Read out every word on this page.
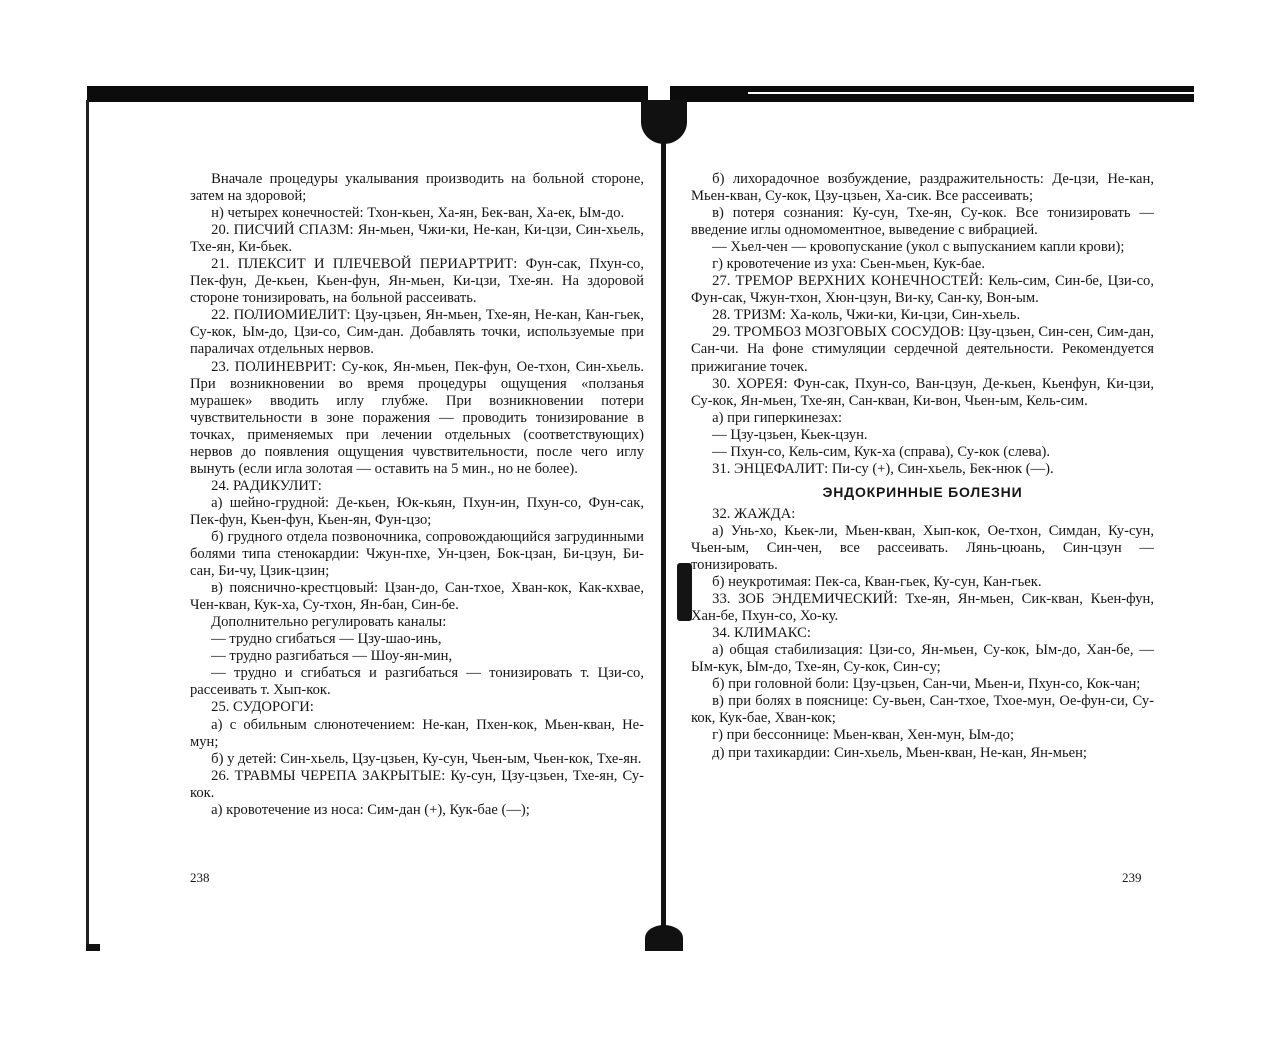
Вначале процедуры укалывания производить на больной стороне, затем на здоровой;

н) четырех конечностей: Тхон-кьен, Ха-ян, Бек-ван, Ха-ек, Ым-до.

20. ПИСЧИЙ СПАЗМ: Ян-мьен, Чжи-ки, Не-кан, Ки-цзи, Син-хьель, Тхе-ян, Ки-бьек.

21. ПЛЕКСИТ И ПЛЕЧЕВОЙ ПЕРИАРТРИТ: Фун-сак, Пхун-со, Пек-фун, Де-кьен, Кьен-фун, Ян-мьен, Ки-цзи, Тхе-ян. На здоровой стороне тонизировать, на больной рассеивать.

22. ПОЛИОМИЕЛИТ: Цзу-цзьен, Ян-мьен, Тхе-ян, Не-кан, Кан-гьек, Су-кок, Ым-до, Цзи-со, Сим-дан. Добавлять точки, используемые при параличах отдельных нервов.

23. ПОЛИНЕВРИТ: Су-кок, Ян-мьен, Пек-фун, Ое-тхон, Син-хьель. При возникновении во время процедуры ощущения «ползанья мурашек» вводить иглу глубже. При возникновении потери чувствительности в зоне поражения — проводить тонизирование в точках, применяемых при лечении отдельных (соответствующих) нервов до появления ощущения чувствительности, после чего иглу вынуть (если игла золотая — оставить на 5 мин., но не более).

24. РАДИКУЛИТ:

а) шейно-грудной: Де-кьен, Юк-кьян, Пхун-ин, Пхун-со, Фун-сак, Пек-фун, Кьен-фун, Кьен-ян, Фун-цзо;

б) грудного отдела позвоночника, сопровождающийся загрудинными болями типа стенокардии: Чжун-пхе, Ун-цзен, Бок-цзан, Би-цзун, Би-сан, Би-чу, Цзик-цзин;

в) пояснично-крестцовый: Цзан-до, Сан-тхое, Хван-кок, Как-кхвае, Чен-кван, Кук-ха, Су-тхон, Ян-бан, Син-бе.

Дополнительно регулировать каналы:

— трудно сгибаться — Цзу-шао-инь,

— трудно разгибаться — Шоу-ян-мин,

— трудно и сгибаться и разгибаться — тонизировать т. Цзи-со, рассеивать т. Хып-кок.

25. СУДОРОГИ:

а) с обильным слюнотечением: Не-кан, Пхен-кок, Мьен-кван, Не-мун;

б) у детей: Син-хьель, Цзу-цзьен, Ку-сун, Чьен-ым, Чьен-кок, Тхе-ян.

26. ТРАВМЫ ЧЕРЕПА ЗАКРЫТЫЕ: Ку-сун, Цзу-цзьен, Тхе-ян, Су-кок.

а) кровотечение из носа: Сим-дан (+), Кук-бае (—);

238

б) лихорадочное возбуждение, раздражительность: Де-цзи, Не-кан, Мьен-кван, Су-кок, Цзу-цзьен, Ха-сик. Все рассеивать;

в) потеря сознания: Ку-сун, Тхе-ян, Су-кок. Все тонизировать — введение иглы одномоментное, выведение с вибрацией.

— Хьел-чен — кровопускание (укол с выпусканием капли крови);

г) кровотечение из уха: Сьен-мьен, Кук-бае.

27. ТРЕМОР ВЕРХНИХ КОНЕЧНОСТЕЙ: Кель-сим, Син-бе, Цзи-со, Фун-сак, Чжун-тхон, Хюн-цзун, Ви-ку, Сан-ку, Вон-ым.

28. ТРИЗМ: Ха-коль, Чжи-ки, Ки-цзи, Син-хьель.

29. ТРОМБОЗ МОЗГОВЫХ СОСУДОВ: Цзу-цзьен, Син-сен, Сим-дан, Сан-чи. На фоне стимуляции сердечной деятельности. Рекомендуется прижигание точек.

30. ХОРЕЯ: Фун-сак, Пхун-со, Ван-цзун, Де-кьен, Кьенфун, Ки-цзи, Су-кок, Ян-мьен, Тхе-ян, Сан-кван, Ки-вон, Чьен-ым, Кель-сим.

а) при гиперкинезах:

— Цзу-цзьен, Кьек-цзун.

— Пхун-со, Кель-сим, Кук-ха (справа), Су-кок (слева).

31. ЭНЦЕФАЛИТ: Пи-су (+), Син-хьель, Бек-нюк (—).

ЭНДОКРИННЫЕ БОЛЕЗНИ

32. ЖАЖДА:

а) Унь-хо, Кьек-ли, Мьен-кван, Хып-кок, Ое-тхон, Симдан, Ку-сун, Чьен-ым, Син-чен, все рассеивать. Лянь-цюань, Син-цзун — тонизировать.

б) неукротимая: Пек-са, Кван-гьек, Ку-сун, Кан-гьек.

33. ЗОБ ЭНДЕМИЧЕСКИЙ: Тхе-ян, Ян-мьен, Сик-кван, Кьен-фун, Хан-бе, Пхун-со, Хо-ку.

34. КЛИМАКС:

а) общая стабилизация: Цзи-со, Ян-мьен, Су-кок, Ым-до, Хан-бе, — Ым-кук, Ым-до, Тхе-ян, Су-кок, Син-су;

б) при головной боли: Цзу-цзьен, Сан-чи, Мьен-и, Пхун-со, Кок-чан;

в) при болях в пояснице: Су-вьен, Сан-тхое, Тхое-мун, Ое-фун-си, Су-кок, Кук-бае, Хван-кок;

г) при бессоннице: Мьен-кван, Хен-мун, Ым-до;

д) при тахикардии: Син-хьель, Мьен-кван, Не-кан, Ян-мьен;

239
